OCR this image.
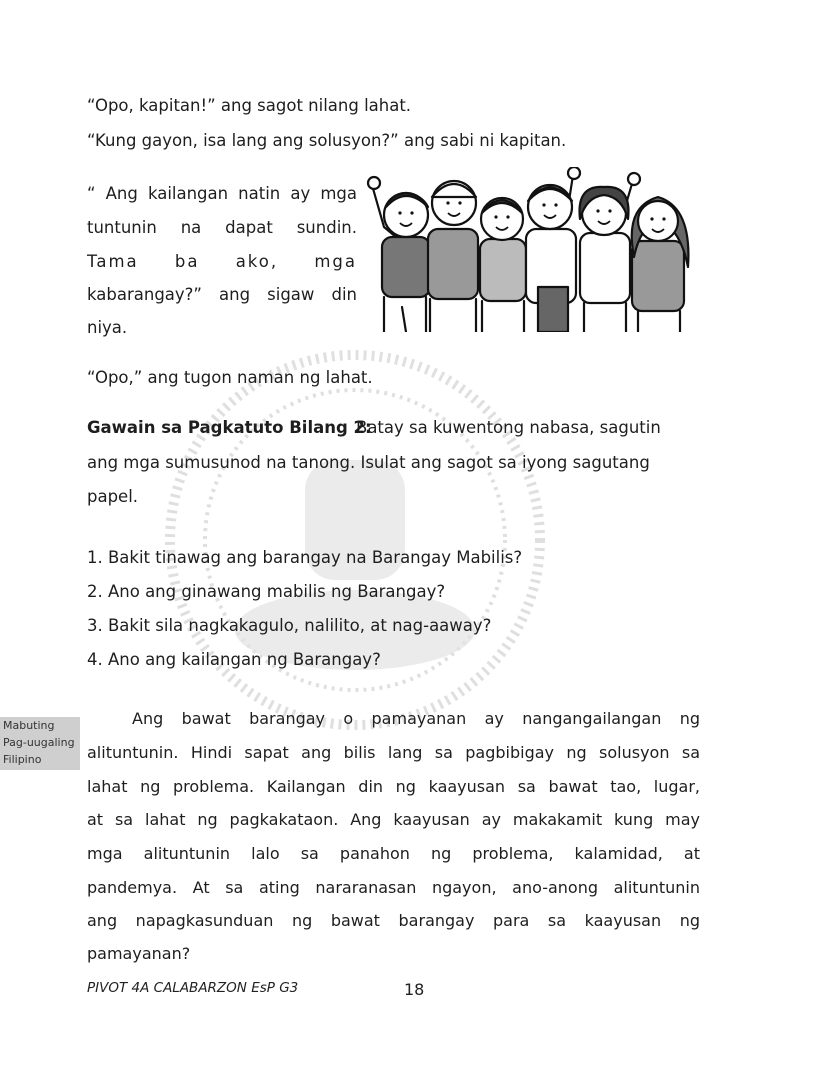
“Opo, kapitan!” ang sagot nilang lahat.
“Kung gayon, isa lang ang solusyon?” ang sabi ni kapitan.
“ Ang kailangan natin ay mga
tuntunin na dapat sundin.
Tama ba ako, mga
kabarangay?” ang sigaw din
niya.
“Opo,” ang tugon naman ng lahat.
Gawain sa Pagkatuto Bilang 2:
Batay sa kuwentong nabasa, sagutin
ang mga sumusunod na tanong. Isulat ang sagot sa iyong sagutang
papel.
1. Bakit tinawag ang barangay na Barangay Mabilis?
2. Ano ang ginawang mabilis ng Barangay?
3. Bakit sila nagkakagulo, nalilito, at nag-aaway?
4. Ano ang kailangan ng Barangay?
Mabuting
Pag-uugaling
Filipino
Ang bawat barangay o pamayanan ay nangangailangan ng
alituntunin. Hindi sapat ang bilis lang sa pagbibigay ng solusyon sa
lahat ng problema. Kailangan din ng kaayusan sa bawat tao, lugar,
at sa lahat ng pagkakataon. Ang kaayusan ay makakamit kung may
mga alituntunin lalo sa panahon ng problema, kalamidad, at
pandemya. At sa ating nararanasan ngayon, ano-anong alituntunin
ang napagkasunduan ng bawat barangay para sa kaayusan ng
pamayanan?
PIVOT 4A CALABARZON EsP G3	18
